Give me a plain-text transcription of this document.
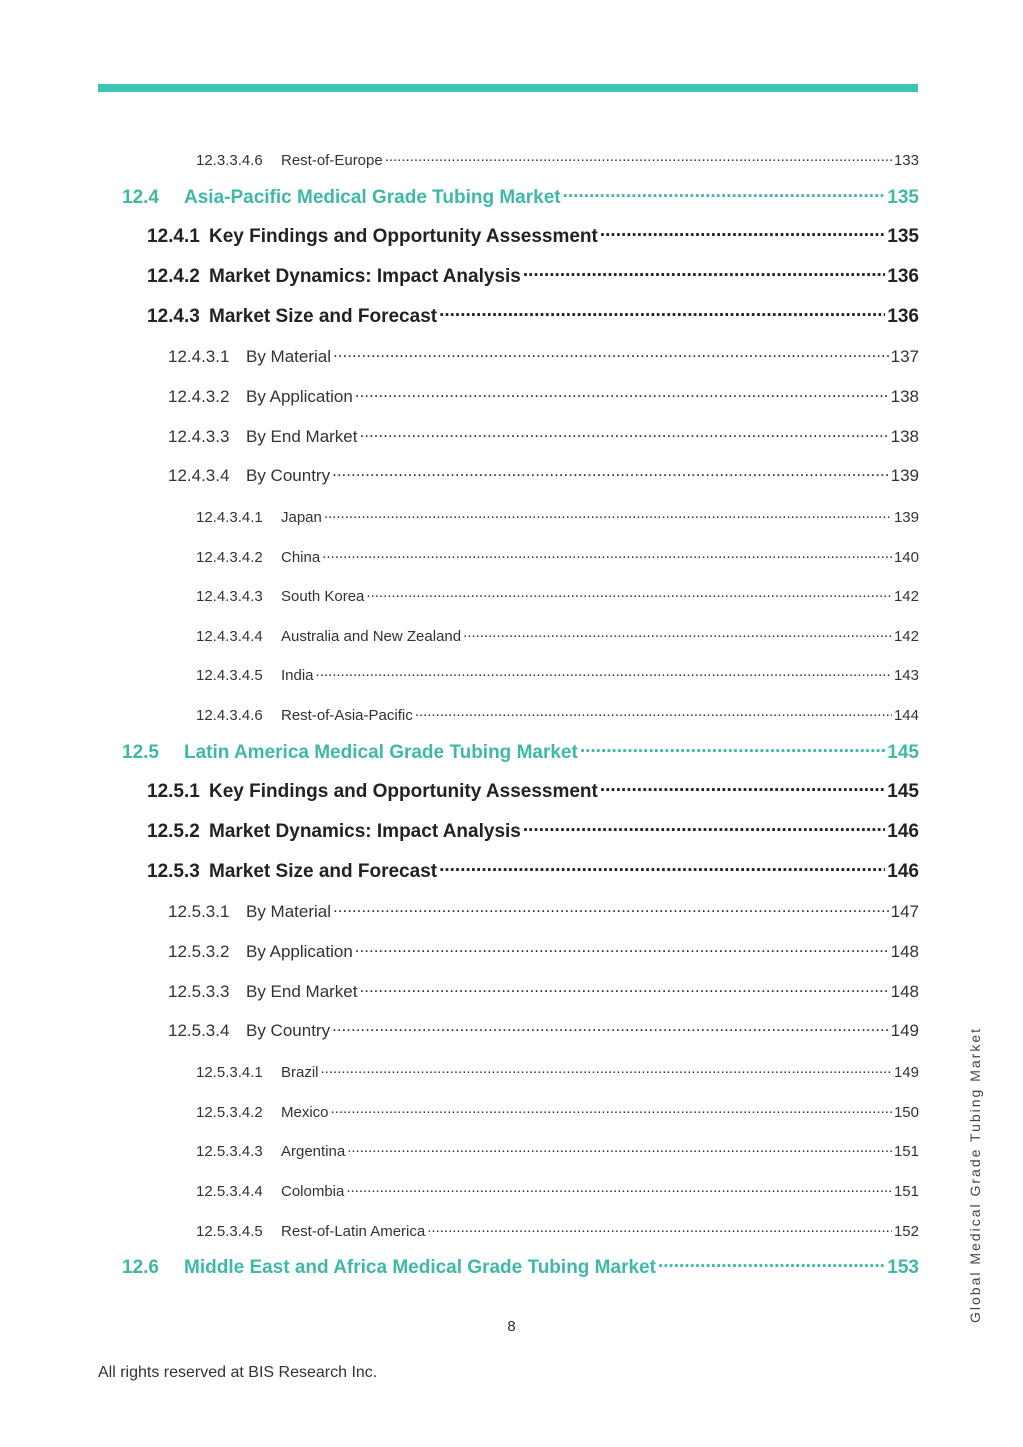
12.3.3.4.6	Rest-of-Europe .....	133
12.4	Asia-Pacific Medical Grade Tubing Market .....	135
12.4.1 Key Findings and Opportunity Assessment .....	135
12.4.2 Market Dynamics: Impact Analysis .....	136
12.4.3 Market Size and Forecast .....	136
12.4.3.1 By Material .....	137
12.4.3.2 By Application .....	138
12.4.3.3 By End Market .....	138
12.4.3.4 By Country .....	139
12.4.3.4.1	Japan .....	139
12.4.3.4.2	China .....	140
12.4.3.4.3	South Korea .....	142
12.4.3.4.4	Australia and New Zealand .....	142
12.4.3.4.5	India .....	143
12.4.3.4.6	Rest-of-Asia-Pacific .....	144
12.5	Latin America Medical Grade Tubing Market .....	145
12.5.1 Key Findings and Opportunity Assessment .....	145
12.5.2 Market Dynamics: Impact Analysis .....	146
12.5.3 Market Size and Forecast .....	146
12.5.3.1 By Material .....	147
12.5.3.2 By Application .....	148
12.5.3.3 By End Market .....	148
12.5.3.4 By Country .....	149
12.5.3.4.1	Brazil .....	149
12.5.3.4.2	Mexico .....	150
12.5.3.4.3	Argentina .....	151
12.5.3.4.4	Colombia .....	151
12.5.3.4.5	Rest-of-Latin America .....	152
12.6	Middle East and Africa Medical Grade Tubing Market .....	153
8
All rights reserved at BIS Research Inc.
Global Medical Grade Tubing Market
